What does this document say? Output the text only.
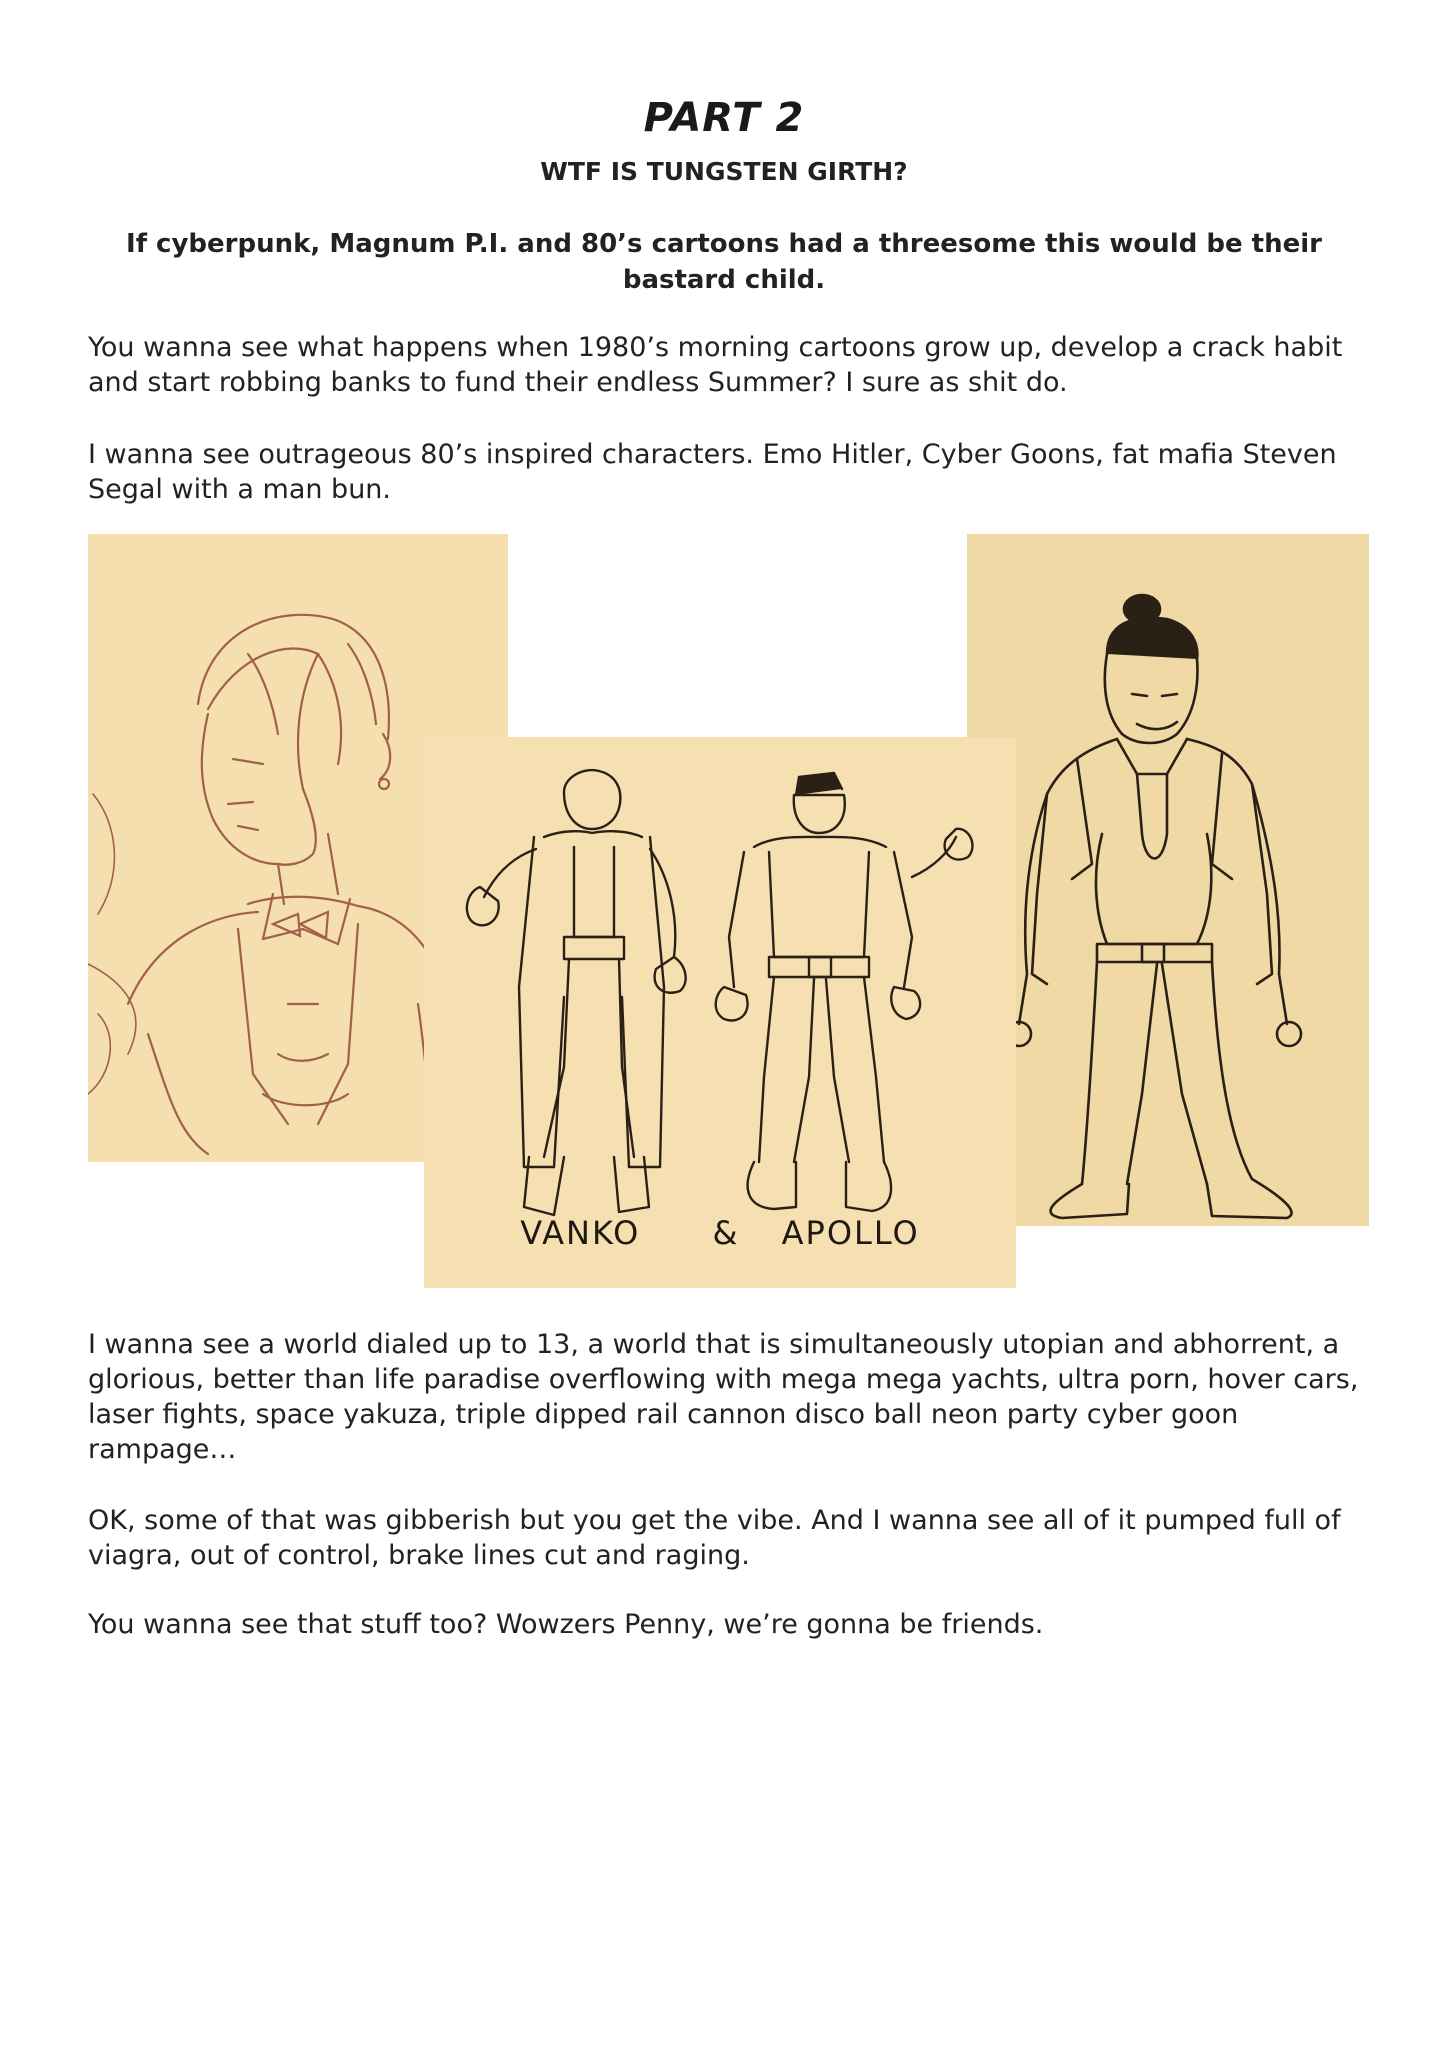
PART 2
WTF IS TUNGSTEN GIRTH?

If cyberpunk, Magnum P.I. and 80’s cartoons had a threesome this would be their bastard child.

You wanna see what happens when 1980’s morning cartoons grow up, develop a crack habit and start robbing banks to fund their endless Summer? I sure as shit do.

I wanna see outrageous 80’s inspired characters. Emo Hitler, Cyber Goons, fat mafia Steven Segal with a man bun.

VANKO & APOLLO

I wanna see a world dialed up to 13, a world that is simultaneously utopian and abhorrent, a glorious, better than life paradise overflowing with mega mega yachts, ultra porn, hover cars, laser fights, space yakuza, triple dipped rail cannon disco ball neon party cyber goon rampage…

OK, some of that was gibberish but you get the vibe. And I wanna see all of it pumped full of viagra, out of control, brake lines cut and raging.

You wanna see that stuff too? Wowzers Penny, we’re gonna be friends.
